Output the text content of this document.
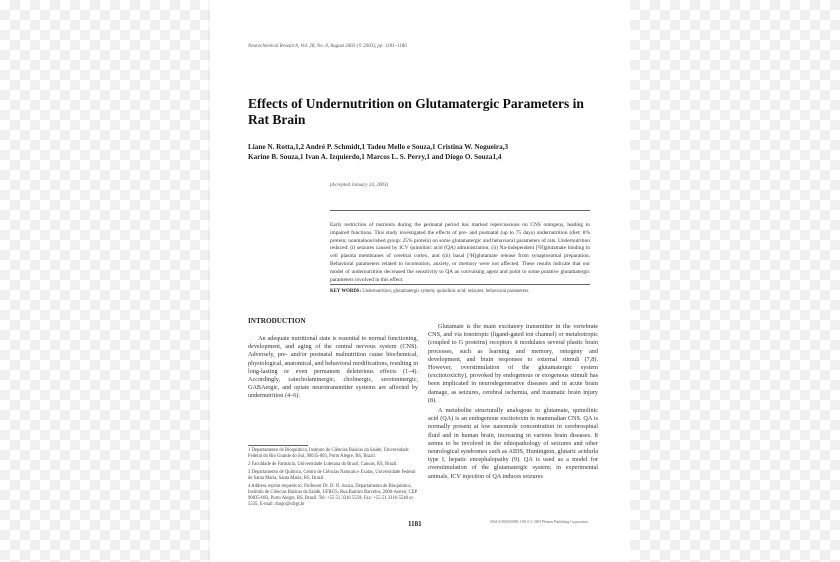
Neurochemical Research, Vol. 28, No. 8, August 2003 (© 2003), pp. 1181–1186
Effects of Undernutrition on Glutamatergic Parameters in Rat Brain
Liane N. Rotta,1,2 André P. Schmidt,1 Tadeu Mello e Souza,1 Cristina W. Nogueira,3
Karine B. Souza,1 Ivan A. Izquierdo,1 Marcos L. S. Perry,1 and Diogo O. Souza1,4
(Accepted January 24, 2003)
Early restriction of nutrients during the perinatal period has marked repercussions on CNS ontogeny, leading to impaired functions. This study investigated the effects of pre- and postnatal (up to 75 days) undernutrition (diet: 8% protein; nonmalnourished group: 25% protein) on some glutamatergic and behavioral parameters of rats. Undernutrition reduced: (i) seizures caused by ICV quinolinic acid (QA) administration; (ii) Na-independent [³H]glutamate binding in cell plasma membranes of cerebral cortex, and (iii) basal [³H]glutamate release from synaptosomal preparation. Behavioral parameters related to locomotion, anxiety, or memory were not affected. These results indicate that our model of undernutrition decreased the sensitivity to QA as convulsing agent and point to some putative glutamatergic parameters involved in this effect.
KEY WORDS: Undernutrition; glutamatergic system; quinolinic acid; seizures; behavioral parameters.
INTRODUCTION

An adequate nutritional state is essential to normal functioning, development, and aging of the central nervous system (CNS). Adversely, pre- and/or postnatal malnutrition cause biochemical, physiological, anatomical, and behavioral modifications, resulting in long-lasting or even permanent deleterious effects (1–4). Accordingly, catecholaminergic, cholinergic, serotoninergic, GABAergic, and opiate neurotransmitter systems are affected by undernutrition (4–6).

Glutamate is the main excitatory transmitter in the vertebrate CNS, and via ionotropic (ligand-gated ion channel) or metabotropic (coupled to G proteins) receptors it modulates several plastic brain processes, such as learning and memory, ontogeny and development, and brain responses to external stimuli (7,8). However, overstimulation of the glutamatergic system (excitotoxicity), provoked by endogenous or exogenous stimuli has been implicated in neurodegenerative diseases and in acute brain damage, as seizures, cerebral ischemia, and traumatic brain injury (8).

A metabolite structurally analogous to glutamate, quinolinic acid (QA) is an endogenous excitotoxin in mammalian CNS. QA is normally present at low nanomole concentration in cerebrospinal fluid and in human brain, increasing in various brain diseases. It seems to be involved in the ethiopathology of seizures and other neurological syndromes such as AIDS, Huntington, glutaric acidurla type I, hepatic encephalopathy (9). QA is used as a model for overstimulation of the glutamatergic system; in experimental animals, ICV injection of QA induces seizures

1 Departamento de Bioquímica, Instituto de Ciências Básicas da Saúde, Universidade Federal do Rio Grande do Sul, 90035-003, Porto Alegre, RS, Brazil.

2 Faculdade de Farmácia, Universidade Luterana do Brasil, Canoas, RS, Brazil.

3 Departamento de Química, Centro de Ciências Naturais e Exatas, Universidade Federal de Santa Maria, Santa Maria, RS, Brazil.

4 Address reprint requests to: Professor Dr. D. O. Souza, Departamento de Bioquímica, Instituto de Ciências Básicas da Saúde, UFRGS, Rua Ramiro Barcelos, 2600-Anexo, CEP 90035-003, Porto Alegre, RS, Brazil. Tel: +55 51 3316 5559; Fax: +55 51 3316-5540 or 5535; E-mail: diogo@ufrgs.br

1181	0364-3190/03/0800-1181/0 © 2003 Plenum Publishing Corporation
